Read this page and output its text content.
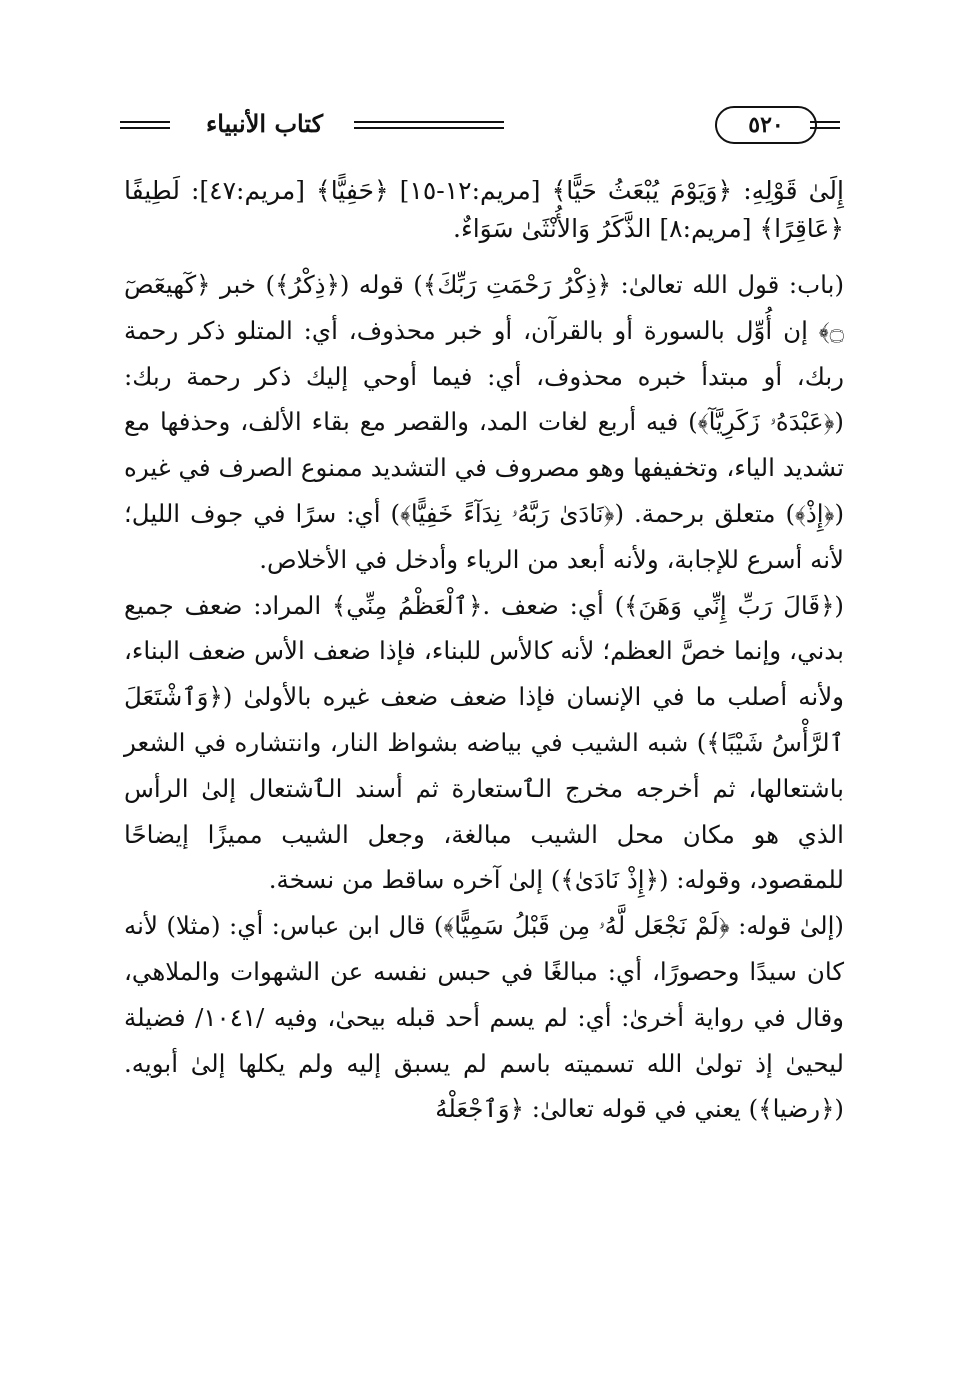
كتاب الأنبياء	٥٢٠

إِلَىٰ قَوْلِهِ: ﴿وَيَوْمَ يُبْعَثُ حَيًّا﴾ [مريم:١٢-١٥] ﴿حَفِيًّا﴾ [مريم:٤٧]: لَطِيفًا ﴿عَاقِرًا﴾ [مريم:٨] الذَّكَرُ وَالأُنْثَىٰ سَوَاءٌ.

(باب: قول الله تعالىٰ: ﴿ذِكْرُ رَحْمَتِ رَبِّكَ﴾) قوله (﴿ذِكْرُ﴾) خبر ﴿كٓهيعٓصٓ ۝﴾ إن أُوِّل بالسورة أو بالقرآن، أو خبر محذوف، أي: المتلو ذكر رحمة ربك، أو مبتدأ خبره محذوف، أي: فيما أوحي إليك ذكر رحمة ربك: (﴿عَبْدَهُۥ زَكَرِيَّآ﴾) فيه أربع لغات المد، والقصر مع بقاء الألف، وحذفها مع تشديد الياء، وتخفيفها وهو مصروف في التشديد ممنوع الصرف في غيره (﴿إِذْ﴾) متعلق برحمة. (﴿نَادَىٰ رَبَّهُۥ نِدَآءً خَفِيًّا﴾) أي: سرًا في جوف الليل؛ لأنه أسرع للإجابة، ولأنه أبعد من الرياء وأدخل في الأخلاص.

(﴿قَالَ رَبِّ إِنِّي وَهَنَ﴾) أي: ضعف .﴿ٱلْعَظْمُ مِنِّي﴾ المراد: ضعف جميع بدني، وإنما خصَّ العظم؛ لأنه كالأس للبناء، فإذا ضعف الأس ضعف البناء، ولأنه أصلب ما في الإنسان فإذا ضعف ضعف غيره بالأولىٰ (﴿وَٱشْتَعَلَ ٱلرَّأْسُ شَيْبًا﴾) شبه الشيب في بياضه بشواظ النار، وانتشاره في الشعر باشتعالها، ثم أخرجه مخرج الٱستعارة ثم أسند الٱشتعال إلىٰ الرأس الذي هو مكان محل الشيب مبالغة، وجعل الشيب مميزًا إيضاحًا للمقصود، وقوله: (﴿إِذْ نَادَىٰ﴾) إلىٰ آخره ساقط من نسخة.

(إلىٰ قوله: ﴿لَمْ نَجْعَل لَّهُۥ مِن قَبْلُ سَمِيًّا﴾) قال ابن عباس: أي: (مثلا) لأنه كان سيدًا وحصورًا، أي: مبالغًا في حبس نفسه عن الشهوات والملاهي، وقال في رواية أخرىٰ: أي: لم يسم أحد قبله بيحىٰ، وفيه /١٠٤١/ فضيلة ليحيىٰ إذ تولىٰ الله تسميته باسم لم يسبق إليه ولم يكلها إلىٰ أبويه. (﴿رضيا﴾) يعني في قوله تعالىٰ: ﴿وَٱجْعَلْهُ
